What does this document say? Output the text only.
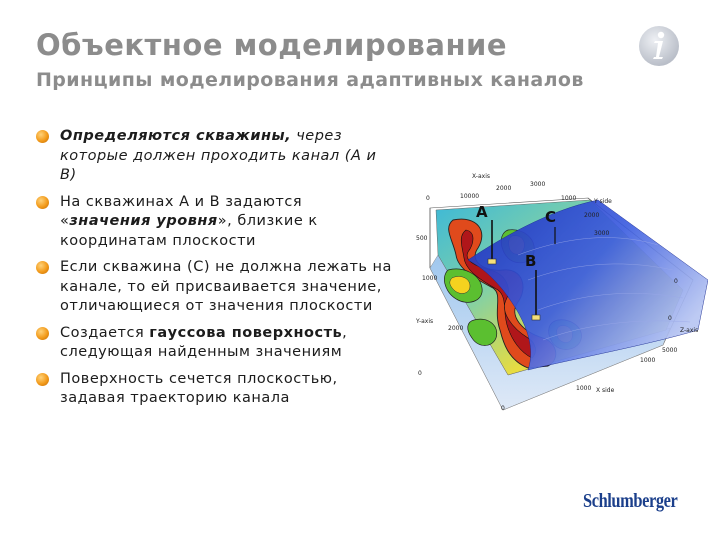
Объектное моделирование
Принципы моделирования адаптивных каналов
Определяются скважины, через которые должен проходить канал (А и В)
На скважинах А и В задаются «значения уровня», близкие к координатам плоскости
Если скважина (С) не должна лежать на канале, то ей присваивается значение, отличающиеся от значения плоскости
Создается гауссова поверхность, следующая найденным значениям
Поверхность сечется плоскостью, задавая траекторию канала
A
B
C
X-axis
2000
3000
10000	1000	Y side
2000
3000
0
500
1000
Y-axis
2000
0
0
1000 X side
0
Z-axis
5000
0
1000
Schlumberger
